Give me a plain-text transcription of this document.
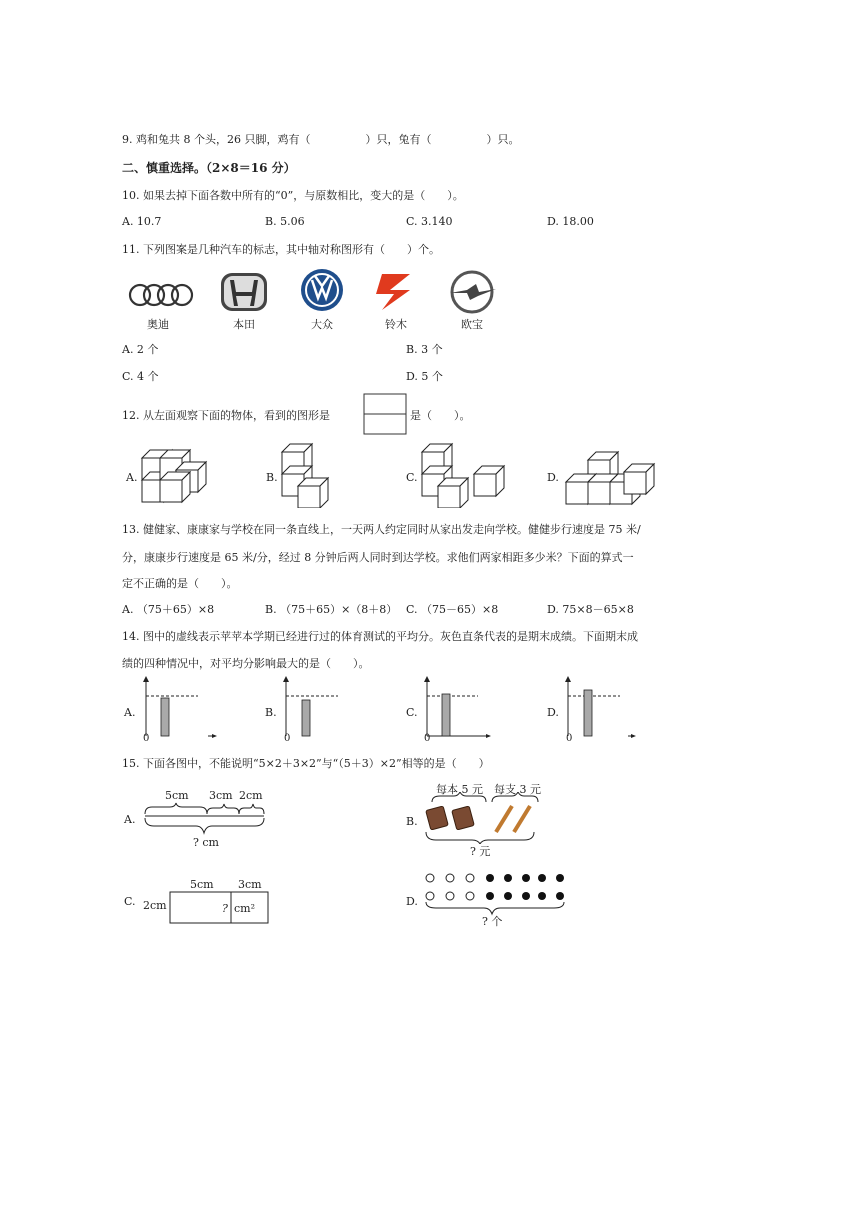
9. 鸡和兔共 8 个头，26 只脚，鸡有（　　　　　）只，兔有（　　　　　）只。
二、慎重选择。（2×8＝16 分）
10. 如果去掉下面各数中所有的“0”，与原数相比，变大的是（　　）。
A. 10.7	B. 5.06	C. 3.140	D. 18.00
11. 下列图案是几种汽车的标志，其中轴对称图形有（　　）个。
奥迪	本田	大众	铃木	欧宝
A. 2 个	B. 3 个
C. 4 个	D. 5 个
12. 从左面观察下面的物体，看到的图形是	是（　　）。
A.	B.	C.	D.
13. 健健家、康康家与学校在同一条直线上，一天两人约定同时从家出发走向学校。健健步行速度是 75 米/
分，康康步行速度是 65 米/分，经过 8 分钟后两人同时到达学校。求他们两家相距多少米？下面的算式一
定不正确的是（　　）。
A. （75＋65）×8	B. （75＋65）×（8＋8） C. （75－65）×8	D. 75×8－65×8
14. 图中的虚线表示苹苹本学期已经进行过的体育测试的平均分。灰色直条代表的是期末成绩。下面期末成
绩的四种情况中，对平均分影响最大的是（　　）。
A.	B.	C.	D.
0	0	0	0
15. 下面各图中，不能说明“5×2＋3×2”与“（5＋3）×2”相等的是（　　）
A.
5cm 3cm 2cm
? cm
B.
每本 5 元 每支 3 元
? 元
C.
5cm 3cm
2cm	? cm²
D.
? 个
